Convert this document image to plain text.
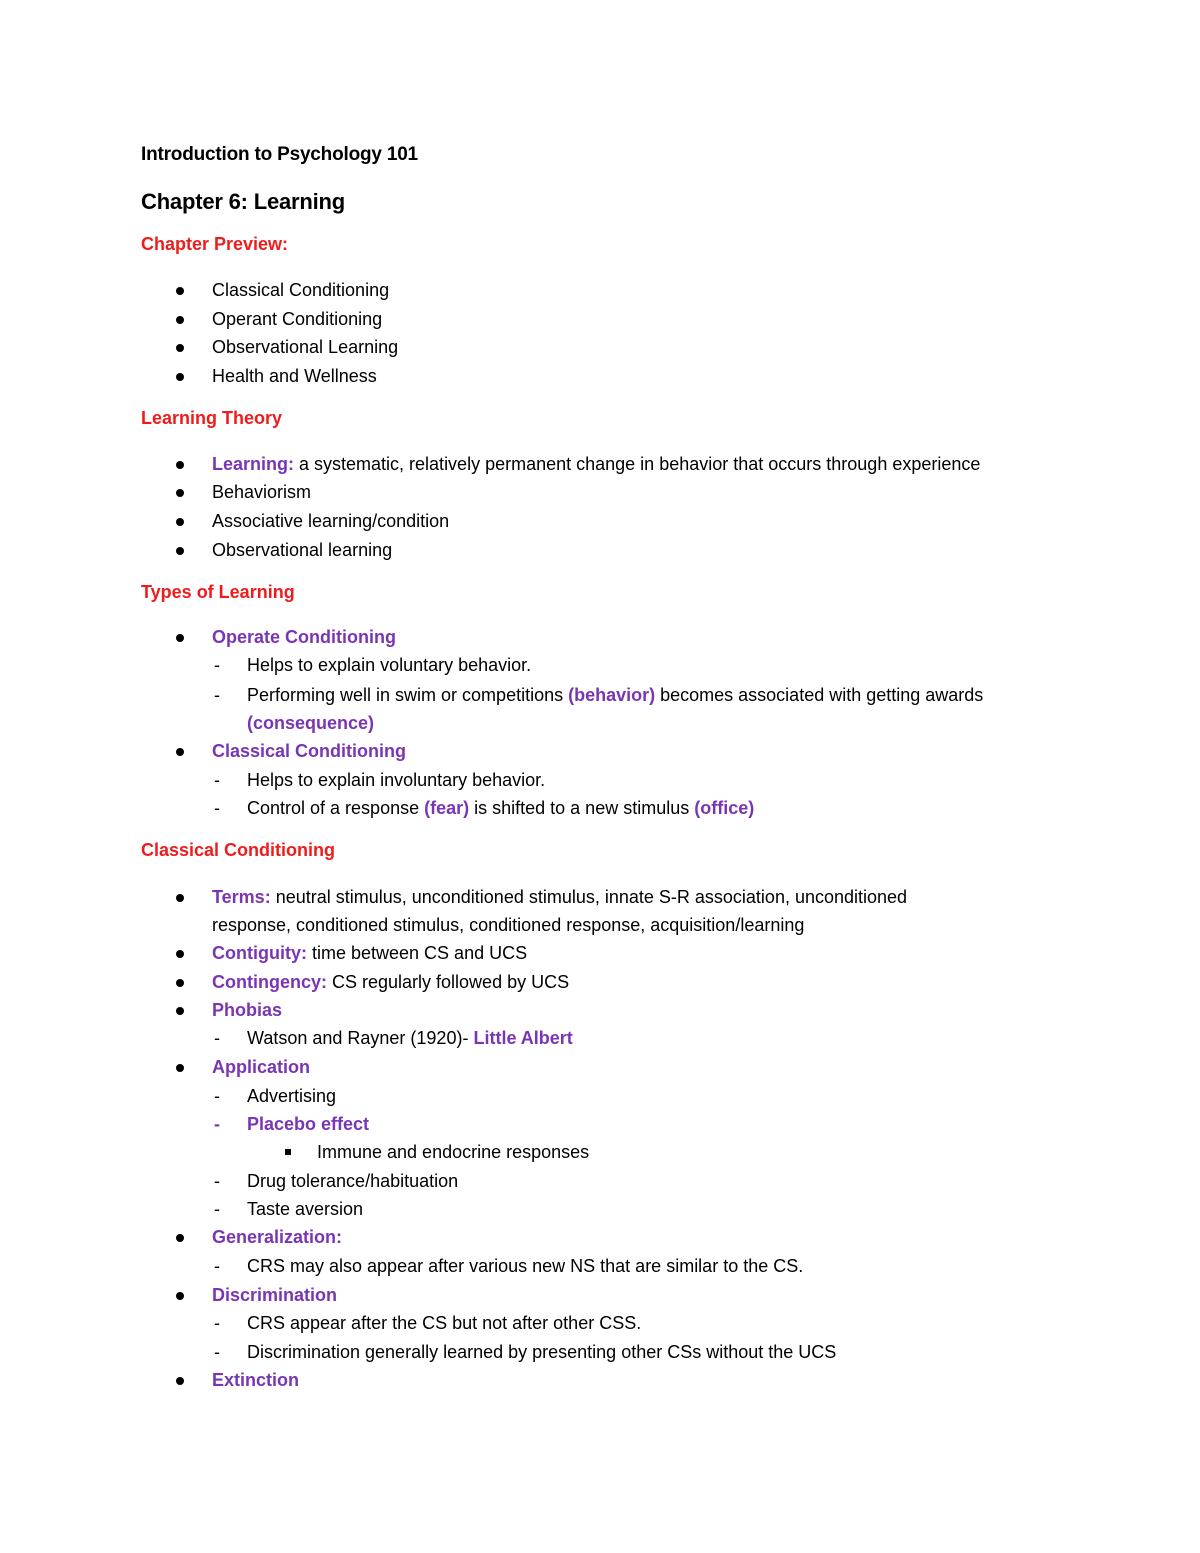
Introduction to Psychology 101
Chapter 6: Learning
Chapter Preview:
Classical Conditioning
Operant Conditioning
Observational Learning
Health and Wellness
Learning Theory
Learning: a systematic, relatively permanent change in behavior that occurs through experience
Behaviorism
Associative learning/condition
Observational learning
Types of Learning
Operate Conditioning
- Helps to explain voluntary behavior.
- Performing well in swim or competitions (behavior) becomes associated with getting awards
(consequence)
Classical Conditioning
- Helps to explain involuntary behavior.
- Control of a response (fear) is shifted to a new stimulus (office)
Classical Conditioning
Terms: neutral stimulus, unconditioned stimulus, innate S-R association, unconditioned
response, conditioned stimulus, conditioned response, acquisition/learning
Contiguity: time between CS and UCS
Contingency: CS regularly followed by UCS
Phobias
- Watson and Rayner (1920)- Little Albert
Application
- Advertising
- Placebo effect
Immune and endocrine responses
- Drug tolerance/habituation
- Taste aversion
Generalization:
- CRS may also appear after various new NS that are similar to the CS.
Discrimination
- CRS appear after the CS but not after other CSS.
- Discrimination generally learned by presenting other CSs without the UCS
Extinction
